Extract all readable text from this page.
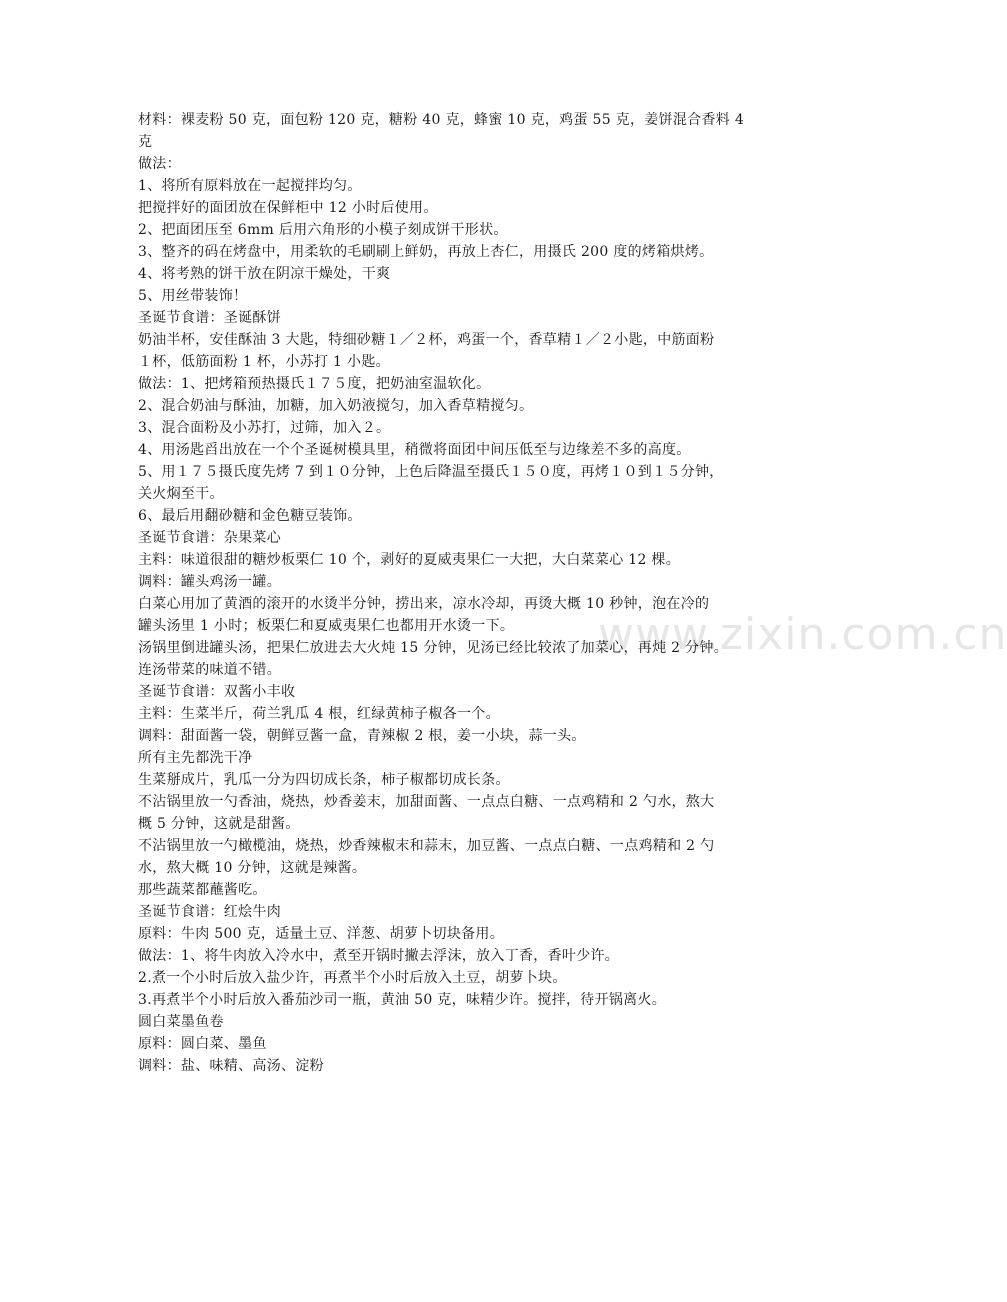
www.zixin.com.cn
材料：裸麦粉 50 克，面包粉 120 克，糖粉 40 克，蜂蜜 10 克，鸡蛋 55 克，姜饼混合香料 4
克
做法：
1、将所有原料放在一起搅拌均匀。
把搅拌好的面团放在保鲜柜中 12 小时后使用。
2、把面团压至 6mm 后用六角形的小模子刻成饼干形状。
3、整齐的码在烤盘中，用柔软的毛刷刷上鲜奶，再放上杏仁，用摄氏 200 度的烤箱烘烤。
4、将考熟的饼干放在阴凉干燥处，干爽
5、用丝带装饰！
圣诞节食谱：圣诞酥饼
奶油半杯，安佳酥油 3 大匙，特细砂糖１／２杯，鸡蛋一个，香草精１／２小匙，中筋面粉
１杯，低筋面粉 1 杯，小苏打 1 小匙。
做法：1、把烤箱预热摄氏１７５度，把奶油室温软化。
2、混合奶油与酥油，加糖，加入奶液搅匀，加入香草精搅匀。
3、混合面粉及小苏打，过筛，加入２。
4、用汤匙舀出放在一个个圣诞树模具里，稍微将面团中间压低至与边缘差不多的高度。
5、用１７５摄氏度先烤 7 到１０分钟，上色后降温至摄氏１５０度，再烤１０到１５分钟，
关火焖至干。
6、最后用翻砂糖和金色糖豆装饰。
圣诞节食谱：杂果菜心
主料：味道很甜的糖炒板栗仁 10 个，剥好的夏威夷果仁一大把，大白菜菜心 12 棵。
调料：罐头鸡汤一罐。
白菜心用加了黄酒的滚开的水烫半分钟，捞出来，凉水冷却，再烫大概 10 秒钟，泡在冷的
罐头汤里 1 小时；板栗仁和夏威夷果仁也都用开水烫一下。
汤锅里倒进罐头汤，把果仁放进去大火炖 15 分钟，见汤已经比较浓了加菜心，再炖 2 分钟。
连汤带菜的味道不错。
圣诞节食谱：双酱小丰收
主料：生菜半斤，荷兰乳瓜 4 根，红绿黄柿子椒各一个。
调料：甜面酱一袋，朝鲜豆酱一盒，青辣椒 2 根，姜一小块，蒜一头。
所有主先都洗干净
生菜掰成片，乳瓜一分为四切成长条，柿子椒都切成长条。
不沾锅里放一勺香油，烧热，炒香姜末，加甜面酱、一点点白糖、一点鸡精和 2 勺水，熬大
概 5 分钟，这就是甜酱。
不沾锅里放一勺橄榄油，烧热，炒香辣椒末和蒜末，加豆酱、一点点白糖、一点鸡精和 2 勺
水，熬大概 10 分钟，这就是辣酱。
那些蔬菜都蘸酱吃。
圣诞节食谱：红烩牛肉
原料：牛肉 500 克，适量土豆、洋葱、胡萝卜切块备用。
做法：1、将牛肉放入冷水中，煮至开锅时撇去浮沫，放入丁香，香叶少许。
2.煮一个小时后放入盐少许，再煮半个小时后放入土豆，胡萝卜块。
3.再煮半个小时后放入番茄沙司一瓶，黄油 50 克，味精少许。搅拌，待开锅离火。
圆白菜墨鱼卷
原料：圆白菜、墨鱼
调料：盐、味精、高汤、淀粉
